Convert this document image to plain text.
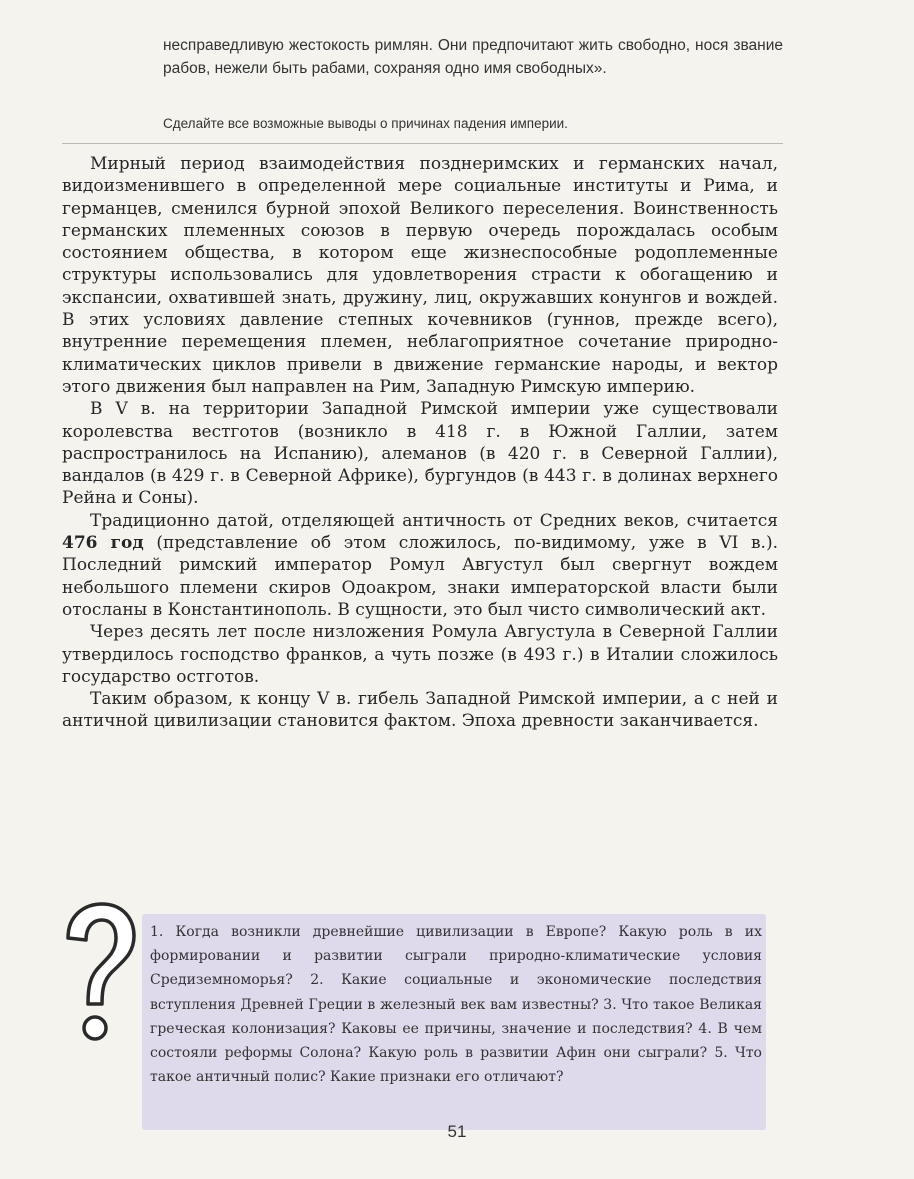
несправедливую жестокость римлян. Они предпочитают жить свободно, нося звание рабов, нежели быть рабами, сохраняя одно имя свободных».

Сделайте все возможные выводы о причинах падения империи.

Мирный период взаимодействия позднеримских и германских начал, видоизменившего в определенной мере социальные институты и Рима, и германцев, сменился бурной эпохой Великого переселения. Воинственность германских племенных союзов в первую очередь порождалась особым состоянием общества, в котором еще жизнеспособные родоплеменные структуры использовались для удовлетворения страсти к обогащению и экспансии, охватившей знать, дружину, лиц, окружавших конунгов и вождей. В этих условиях давление степных кочевников (гуннов, прежде всего), внутренние перемещения племен, неблагоприятное сочетание природно-климатических циклов привели в движение германские народы, и вектор этого движения был направлен на Рим, Западную Римскую империю.

В V в. на территории Западной Римской империи уже существовали королевства вестготов (возникло в 418 г. в Южной Галлии, затем распространилось на Испанию), алеманов (в 420 г. в Северной Галлии), вандалов (в 429 г. в Северной Африке), бургундов (в 443 г. в долинах верхнего Рейна и Соны).

Традиционно датой, отделяющей античность от Средних веков, считается 476 год (представление об этом сложилось, по-видимому, уже в VI в.). Последний римский император Ромул Августул был свергнут вождем небольшого племени скиров Одоакром, знаки императорской власти были отосланы в Константинополь. В сущности, это был чисто символический акт.

Через десять лет после низложения Ромула Августула в Северной Галлии утвердилось господство франков, а чуть позже (в 493 г.) в Италии сложилось государство остготов.

Таким образом, к концу V в. гибель Западной Римской империи, а с ней и античной цивилизации становится фактом. Эпоха древности заканчивается.

1. Когда возникли древнейшие цивилизации в Европе? Какую роль в их формировании и развитии сыграли природно-климатические условия Средиземноморья? 2. Какие социальные и экономические последствия вступления Древней Греции в железный век вам известны? 3. Что такое Великая греческая колонизация? Каковы ее причины, значение и последствия? 4. В чем состояли реформы Солона? Какую роль в развитии Афин они сыграли? 5. Что такое античный полис? Какие признаки его отличают?

51
